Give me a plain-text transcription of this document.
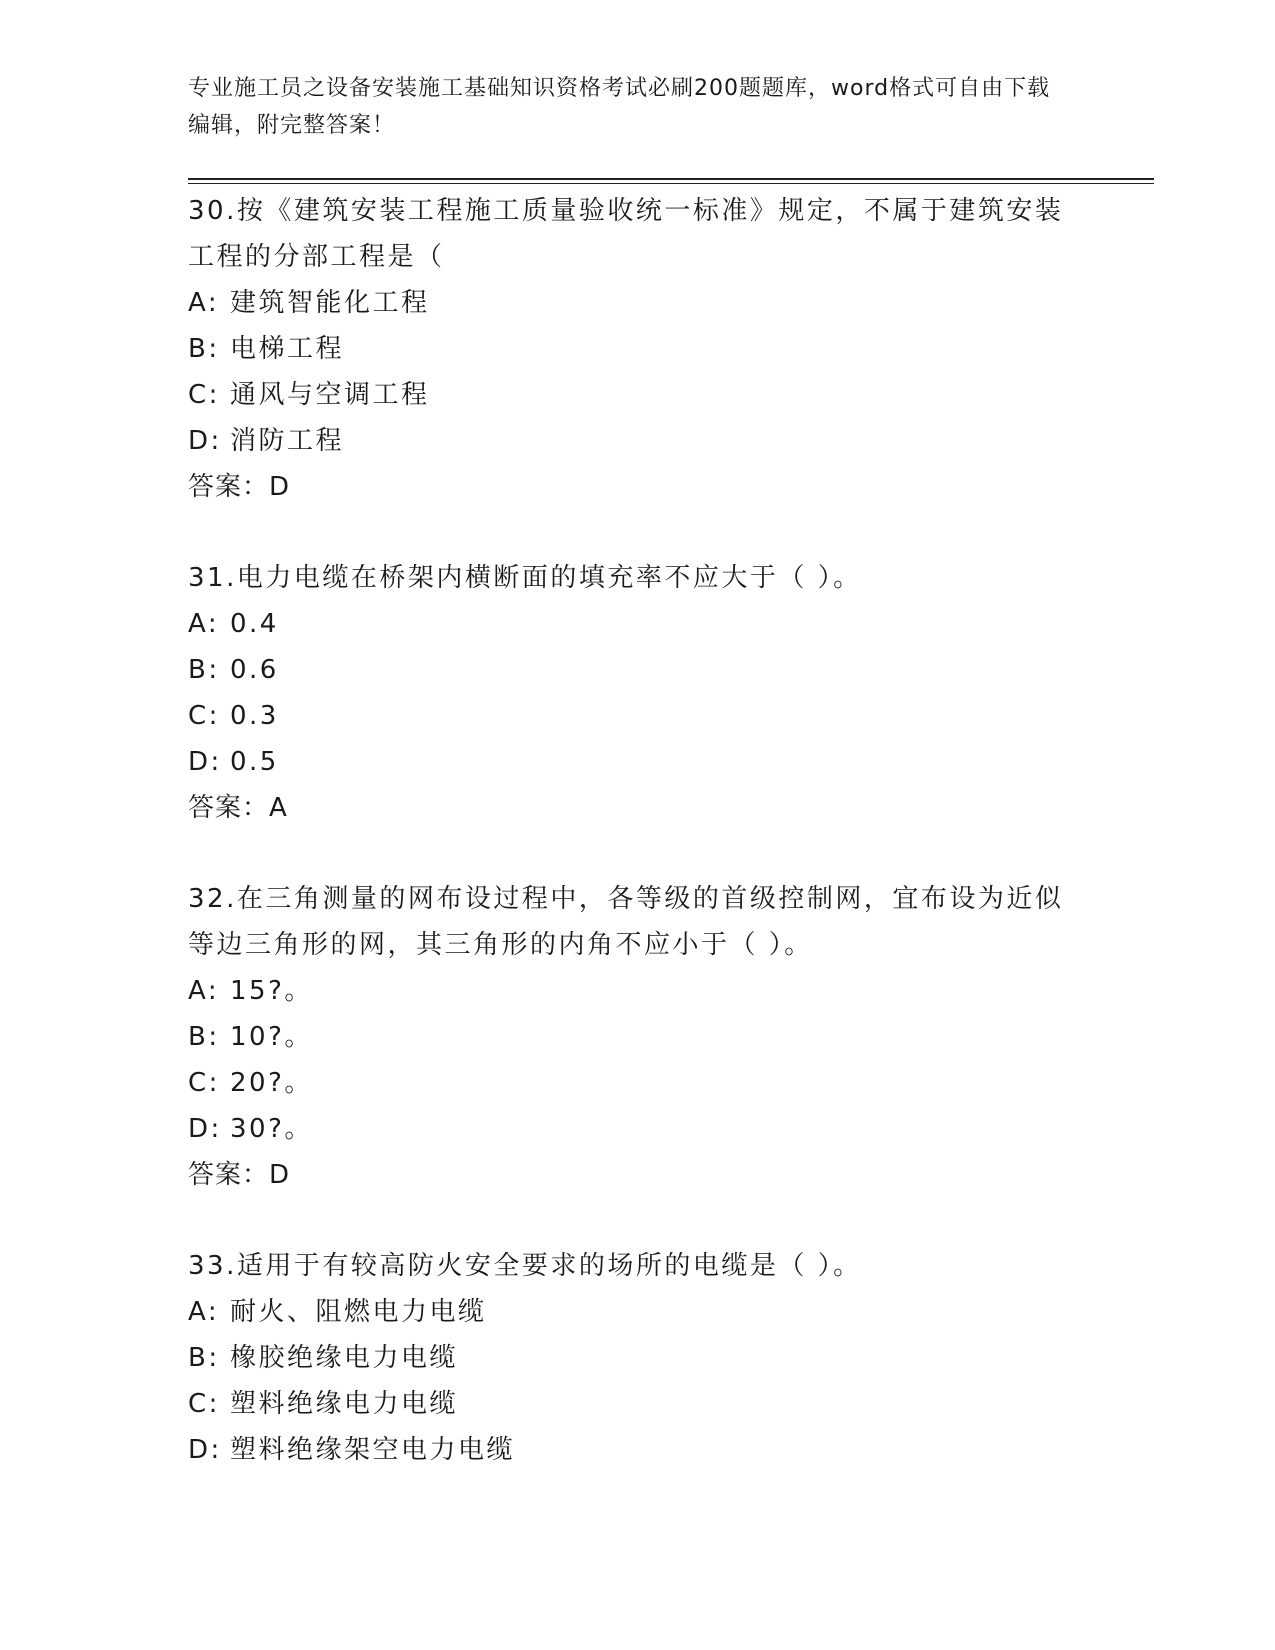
专业施工员之设备安装施工基础知识资格考试必刷200题题库，word格式可自由下载编辑，附完整答案！

30.按《建筑安装工程施工质量验收统一标准》规定，不属于建筑安装工程的分部工程是（

A: 建筑智能化工程

B: 电梯工程

C: 通风与空调工程

D: 消防工程

答案：D

31.电力电缆在桥架内横断面的填充率不应大于（ ）。

A: 0.4

B: 0.6

C: 0.3

D: 0.5

答案：A

32.在三角测量的网布设过程中，各等级的首级控制网，宜布设为近似等边三角形的网，其三角形的内角不应小于（ ）。

A: 15?。

B: 10?。

C: 20?。

D: 30?。

答案：D

33.适用于有较高防火安全要求的场所的电缆是（ ）。

A: 耐火、阻燃电力电缆

B: 橡胶绝缘电力电缆

C: 塑料绝缘电力电缆

D: 塑料绝缘架空电力电缆
